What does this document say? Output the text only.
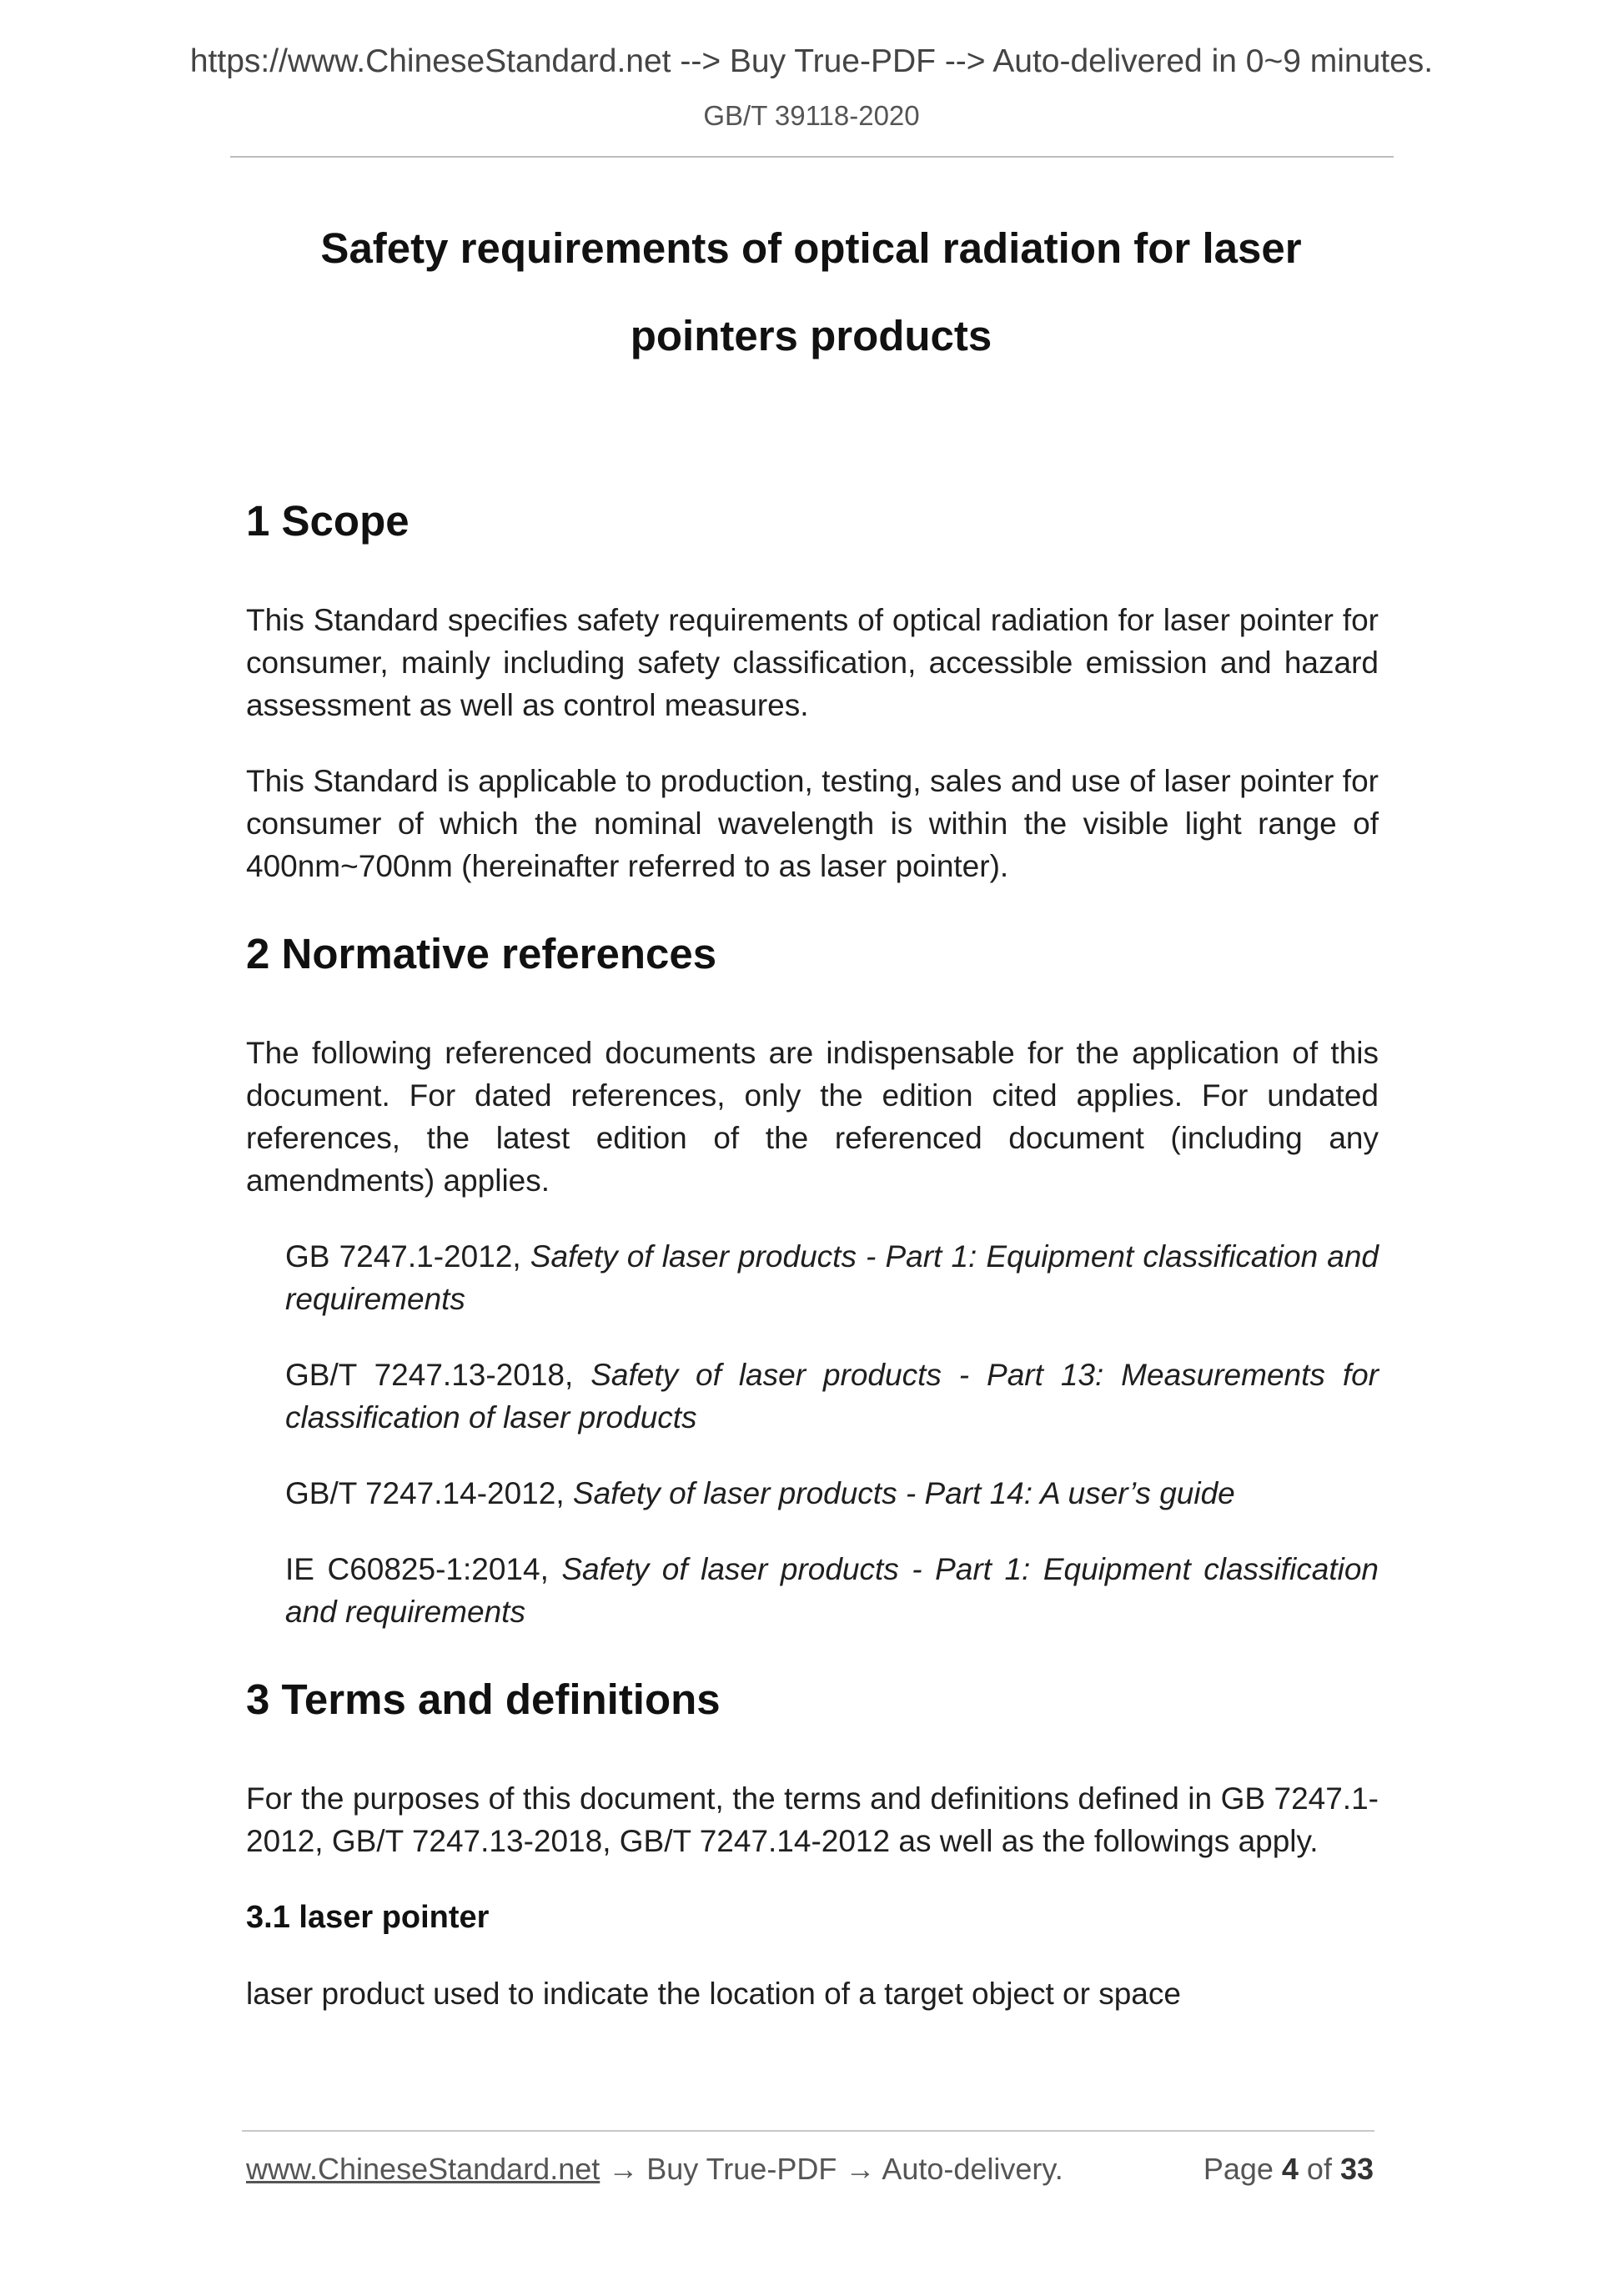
https://www.ChineseStandard.net --> Buy True-PDF --> Auto-delivered in 0~9 minutes.
GB/T 39118-2020
Safety requirements of optical radiation for laser
pointers products
1 Scope

This Standard specifies safety requirements of optical radiation for laser pointer for consumer, mainly including safety classification, accessible emission and hazard assessment as well as control measures.

This Standard is applicable to production, testing, sales and use of laser pointer for consumer of which the nominal wavelength is within the visible light range of 400nm~700nm (hereinafter referred to as laser pointer).

2 Normative references

The following referenced documents are indispensable for the application of this document. For dated references, only the edition cited applies. For undated references, the latest edition of the referenced document (including any amendments) applies.

GB 7247.1-2012, Safety of laser products - Part 1: Equipment classification and requirements

GB/T 7247.13-2018, Safety of laser products - Part 13: Measurements for classification of laser products

GB/T 7247.14-2012, Safety of laser products - Part 14: A user’s guide

IE C60825-1:2014, Safety of laser products - Part 1: Equipment classification and requirements

3 Terms and definitions

For the purposes of this document, the terms and definitions defined in GB 7247.1-2012, GB/T 7247.13-2018, GB/T 7247.14-2012 as well as the followings apply.

3.1 laser pointer

laser product used to indicate the location of a target object or space

www.ChineseStandard.net → Buy True-PDF → Auto-delivery.	Page 4 of 33
